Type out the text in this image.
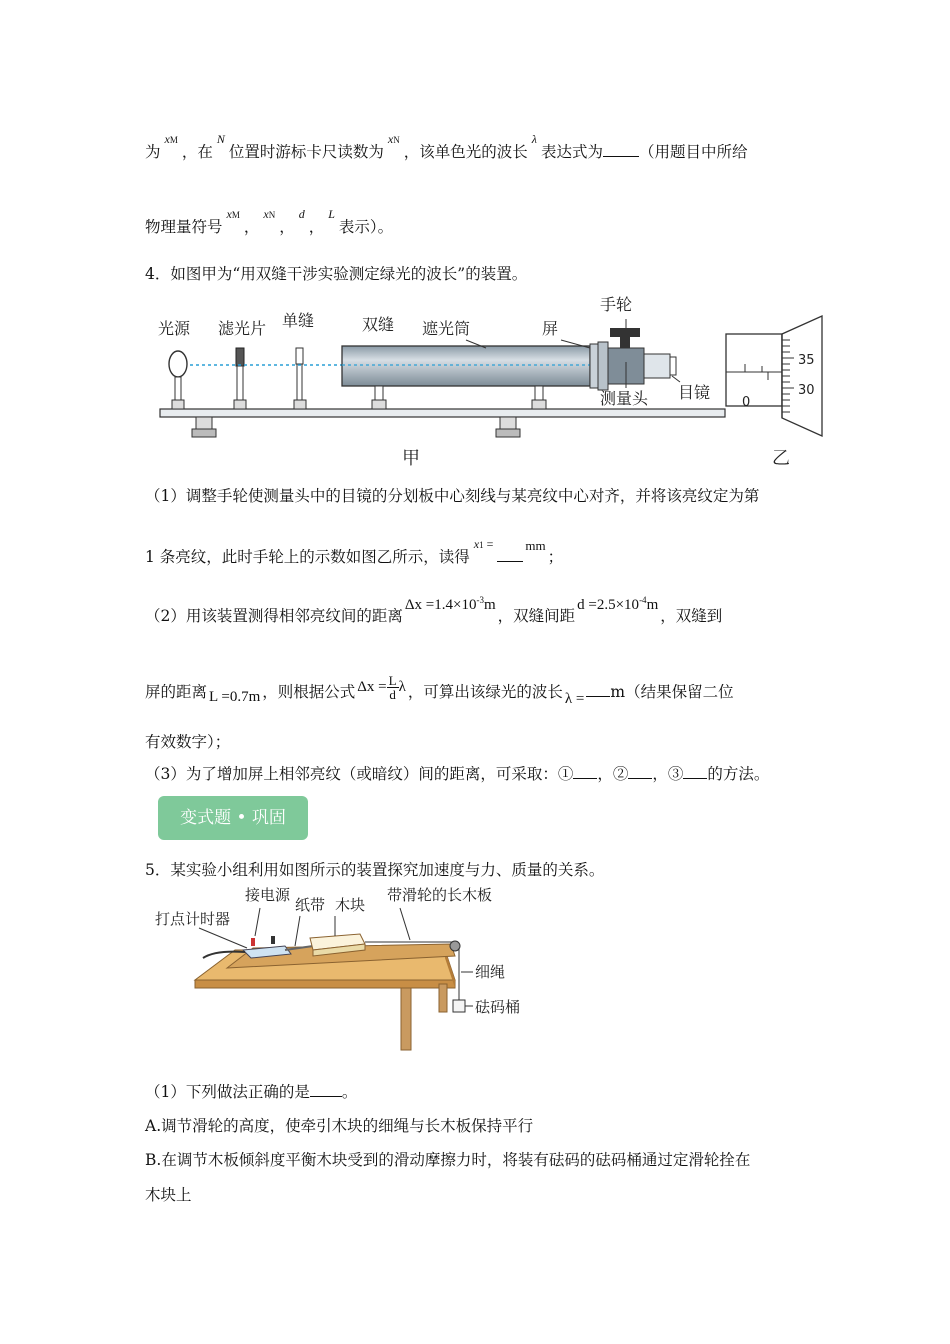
为$^{xM}$，在$^N$位置时游标卡尺读数为$^{xN}$，该单色光的波长$^\lambda$表达式为 （用题目中所给
物理量符号$^{xM}$，$^{xN}$，$^d$，$^L$表示）。
4．如图甲为“用双缝干涉实验测定绿光的波长”的装置。
光源 滤光片 单缝	双缝 遮光筒	屏
手轮
测量头 目镜
甲
35
30
0
乙
（1）调整手轮使测量头中的目镜的分划板中心刻线与某亮纹中心对齐，并将该亮纹定为第
1 条亮纹，此时手轮上的示数如图乙所示，读得$^{x1 =}$ $^{mm}$；
（2）用该装置测得相邻亮纹间的距离$\Delta x =1.4\times 10^{-3}m$，双缝间距$d =2.5\times 10^{-4}m$，双缝到
屏的距离 L =0.7m ，则根据公式 $\Delta x = \frac{L}{d}$ λ ，可算出该绿光的波长 λ = m（结果保留二位
有效数字）；
（3）为了增加屏上相邻亮纹（或暗纹）间的距离，可采取：① ，② ，③ 的方法。
变式题 • 巩固
5．某实验小组利用如图所示的装置探究加速度与力、质量的关系。
接电源
纸带 木块
带滑轮的长木板
打点计时器
细绳
砝码桶
（1）下列做法正确的是 。
A.调节滑轮的高度，使牵引木块的细绳与长木板保持平行
B.在调节木板倾斜度平衡木块受到的滑动摩擦力时，将装有砝码的砝码桶通过定滑轮拴在
木块上
